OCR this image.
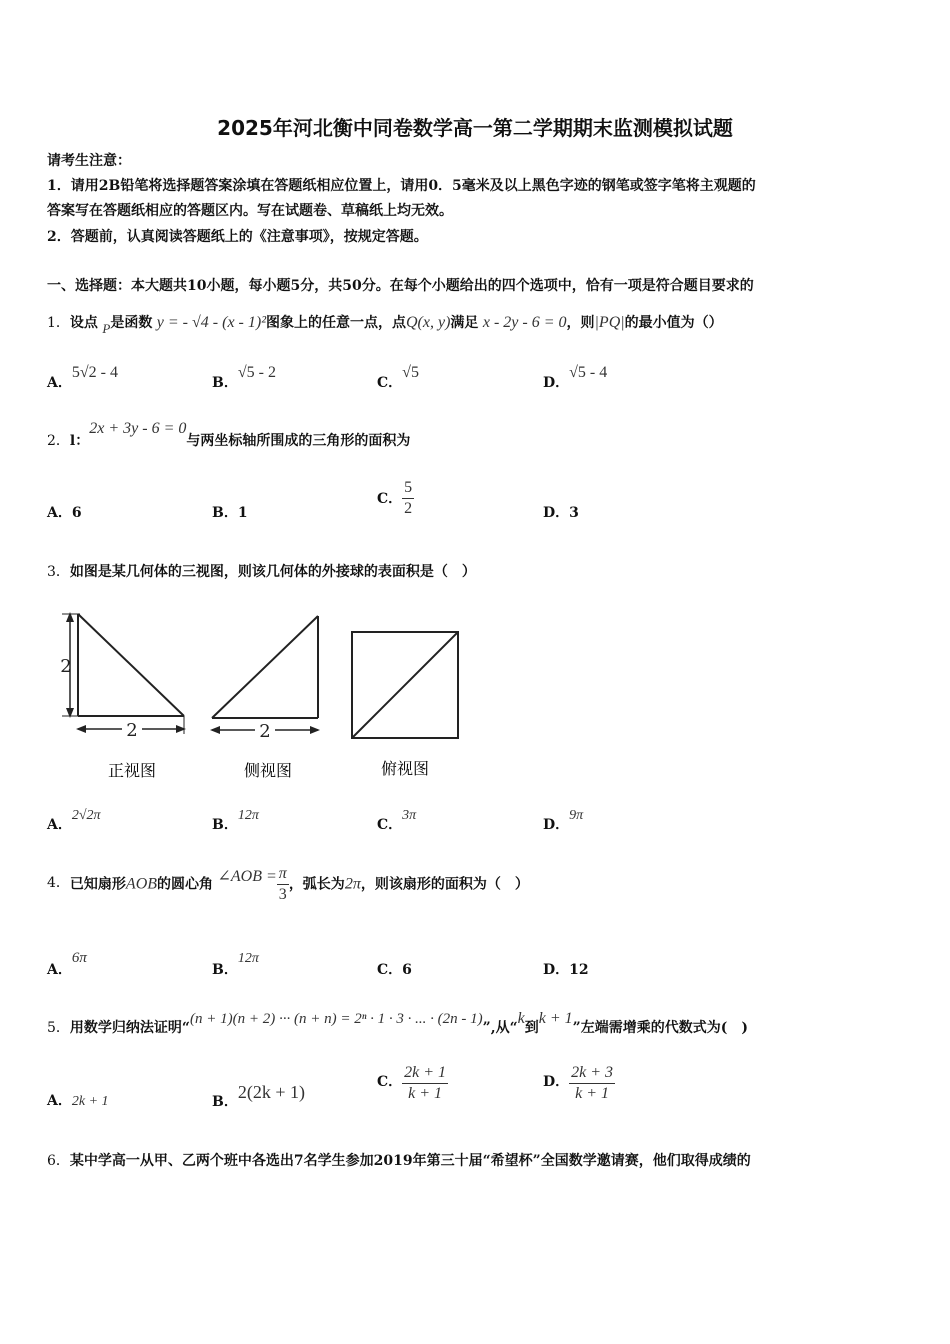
2025年河北衡中同卷数学高一第二学期期末监测模拟试题
请考生注意：
1．请用2B铅笔将选择题答案涂填在答题纸相应位置上，请用0．5毫米及以上黑色字迹的钢笔或签字笔将主观题的
答案写在答题纸相应的答题区内。写在试题卷、草稿纸上均无效。
2．答题前，认真阅读答题纸上的《注意事项》，按规定答题。
一、选择题：本大题共10小题，每小题5分，共50分。在每个小题给出的四个选项中，恰有一项是符合题目要求的
1．设点 P是函数 y = - √4 - (x - 1)²图象上的任意一点，点Q(x, y)满足 x - 2y - 6 = 0，则|PQ|的最小值为（）
A．5√2 - 4
B．√5 - 2
C．√5
D．√5 - 4
2．l：2x + 3y - 6 = 0与两坐标轴所围成的三角形的面积为
A．6	B．1
C． $\frac{5}{2}$	D．3
3．如图是某几何体的三视图，则该几何体的外接球的表面积是（　）
2
2
正视图
2
侧视图	俯视图
A．2√2π
B．12π
C．3π
D．9π
4．已知扇形AOB的圆心角 ∠AOB = $\frac{\pi}{3}$ ，弧长为2π，则该扇形的面积为（　）
A．6π
B．12π
C．6	D．12
5．用数学归纳法证明“(n + 1)(n + 2) ··· (n + n) = 2ⁿ · 1 · 3 · ... · (2n - 1)”,从“k到k + 1”左端需增乘的代数式为(　)
A．2k + 1	B．2(2k + 1)	C． $\frac{2k + 1}{k + 1}$	D． $\frac{2k + 3}{k + 1}$
6．某中学高一从甲、乙两个班中各选出7名学生参加2019年第三十届“希望杯”全国数学邀请赛，他们取得成绩的
